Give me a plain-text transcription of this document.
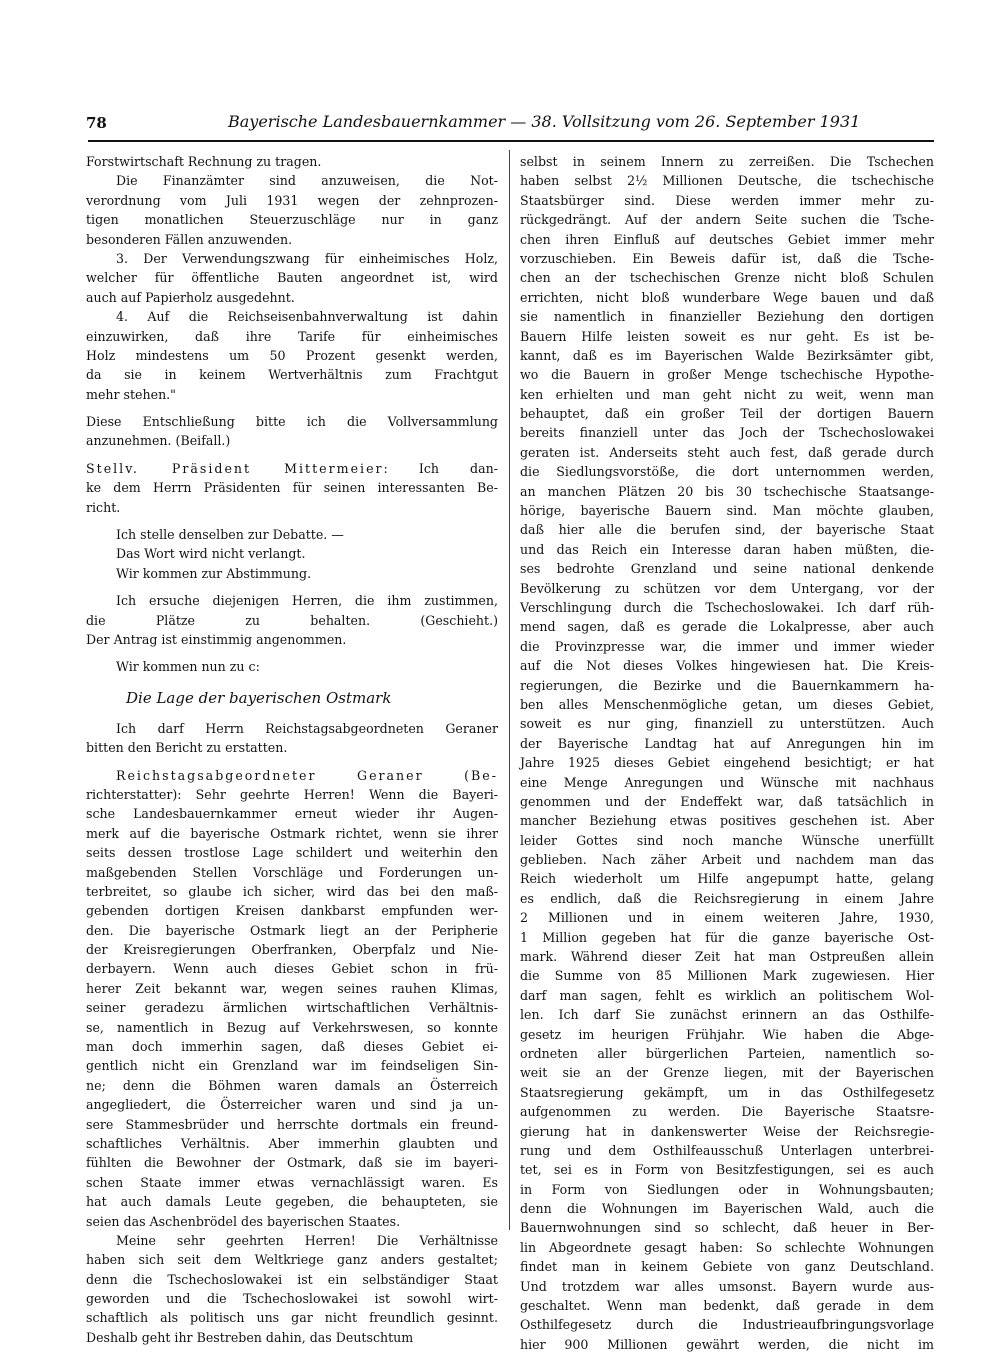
78	Bayerische Landesbauernkammer — 38. Vollsitzung vom 26. September 1931
Forstwirtschaft Rechnung zu tragen.
Die Finanzämter sind anzuweisen, die Not-
verordnung vom Juli 1931 wegen der zehnprozen-
tigen monatlichen Steuerzuschläge nur in ganz
besonderen Fällen anzuwenden.
3. Der Verwendungszwang für einheimisches Holz,
welcher für öffentliche Bauten angeordnet ist, wird
auch auf Papierholz ausgedehnt.
4. Auf die Reichseisenbahnverwaltung ist dahin
einzuwirken, daß ihre Tarife für einheimisches
Holz mindestens um 50 Prozent gesenkt werden,
da sie in keinem Wertverhältnis zum Frachtgut
mehr stehen."
Diese Entschließung bitte ich die Vollversammlung
anzunehmen. (Beifall.)
Stellv. Präsident Mittermeier: Ich dan-
ke dem Herrn Präsidenten für seinen interessanten Be-
richt.
Ich stelle denselben zur Debatte. —
Das Wort wird nicht verlangt.
Wir kommen zur Abstimmung.
Ich ersuche diejenigen Herren, die ihm zustimmen,
die Plätze zu behalten. (Geschieht.)
Der Antrag ist einstimmig angenommen.
Wir kommen nun zu c:
Die Lage der bayerischen Ostmark
Ich darf Herrn Reichstagsabgeordneten Geraner
bitten den Bericht zu erstatten.
Reichstagsabgeordneter Geraner (Be-
richterstatter): Sehr geehrte Herren! Wenn die Bayeri-
sche Landesbauernkammer erneut wieder ihr Augen-
merk auf die bayerische Ostmark richtet, wenn sie ihrer
seits dessen trostlose Lage schildert und weiterhin den
maßgebenden Stellen Vorschläge und Forderungen un-
terbreitet, so glaube ich sicher, wird das bei den maß-
gebenden dortigen Kreisen dankbarst empfunden wer-
den. Die bayerische Ostmark liegt an der Peripherie
der Kreisregierungen Oberfranken, Oberpfalz und Nie-
derbayern. Wenn auch dieses Gebiet schon in frü-
herer Zeit bekannt war, wegen seines rauhen Klimas,
seiner geradezu ärmlichen wirtschaftlichen Verhältnis-
se, namentlich in Bezug auf Verkehrswesen, so konnte
man doch immerhin sagen, daß dieses Gebiet ei-
gentlich nicht ein Grenzland war im feindseligen Sin-
ne; denn die Böhmen waren damals an Österreich
angegliedert, die Österreicher waren und sind ja un-
sere Stammesbrüder und herrschte dortmals ein freund-
schaftliches Verhältnis. Aber immerhin glaubten und
fühlten die Bewohner der Ostmark, daß sie im bayeri-
schen Staate immer etwas vernachlässigt waren. Es
hat auch damals Leute gegeben, die behaupteten, sie
seien das Aschenbrödel des bayerischen Staates.
Meine sehr geehrten Herren! Die Verhältnisse
haben sich seit dem Weltkriege ganz anders gestaltet;
denn die Tschechoslowakei ist ein selbständiger Staat
geworden und die Tschechoslowakei ist sowohl wirt-
schaftlich als politisch uns gar nicht freundlich gesinnt.
Deshalb geht ihr Bestreben dahin, das Deutschtum
selbst in seinem Innern zu zerreißen. Die Tschechen
haben selbst 2½ Millionen Deutsche, die tschechische
Staatsbürger sind. Diese werden immer mehr zu-
rückgedrängt. Auf der andern Seite suchen die Tsche-
chen ihren Einfluß auf deutsches Gebiet immer mehr
vorzuschieben. Ein Beweis dafür ist, daß die Tsche-
chen an der tschechischen Grenze nicht bloß Schulen
errichten, nicht bloß wunderbare Wege bauen und daß
sie namentlich in finanzieller Beziehung den dortigen
Bauern Hilfe leisten soweit es nur geht. Es ist be-
kannt, daß es im Bayerischen Walde Bezirksämter gibt,
wo die Bauern in großer Menge tschechische Hypothe-
ken erhielten und man geht nicht zu weit, wenn man
behauptet, daß ein großer Teil der dortigen Bauern
bereits finanziell unter das Joch der Tschechoslowakei
geraten ist. Anderseits steht auch fest, daß gerade durch
die Siedlungsvorstöße, die dort unternommen werden,
an manchen Plätzen 20 bis 30 tschechische Staatsange-
hörige, bayerische Bauern sind. Man möchte glauben,
daß hier alle die berufen sind, der bayerische Staat
und das Reich ein Interesse daran haben müßten, die-
ses bedrohte Grenzland und seine national denkende
Bevölkerung zu schützen vor dem Untergang, vor der
Verschlingung durch die Tschechoslowakei. Ich darf rüh-
mend sagen, daß es gerade die Lokalpresse, aber auch
die Provinzpresse war, die immer und immer wieder
auf die Not dieses Volkes hingewiesen hat. Die Kreis-
regierungen, die Bezirke und die Bauernkammern ha-
ben alles Menschenmögliche getan, um dieses Gebiet,
soweit es nur ging, finanziell zu unterstützen. Auch
der Bayerische Landtag hat auf Anregungen hin im
Jahre 1925 dieses Gebiet eingehend besichtigt; er hat
eine Menge Anregungen und Wünsche mit nachhaus
genommen und der Endeffekt war, daß tatsächlich in
mancher Beziehung etwas positives geschehen ist. Aber
leider Gottes sind noch manche Wünsche unerfüllt
geblieben. Nach zäher Arbeit und nachdem man das
Reich wiederholt um Hilfe angepumpt hatte, gelang
es endlich, daß die Reichsregierung in einem Jahre
2 Millionen und in einem weiteren Jahre, 1930,
1 Million gegeben hat für die ganze bayerische Ost-
mark. Während dieser Zeit hat man Ostpreußen allein
die Summe von 85 Millionen Mark zugewiesen. Hier
darf man sagen, fehlt es wirklich an politischem Wol-
len. Ich darf Sie zunächst erinnern an das Osthilfe-
gesetz im heurigen Frühjahr. Wie haben die Abge-
ordneten aller bürgerlichen Parteien, namentlich so-
weit sie an der Grenze liegen, mit der Bayerischen
Staatsregierung gekämpft, um in das Osthilfegesetz
aufgenommen zu werden. Die Bayerische Staatsre-
gierung hat in dankenswerter Weise der Reichsregie-
rung und dem Osthilfeausschuß Unterlagen unterbrei-
tet, sei es in Form von Besitzfestigungen, sei es auch
in Form von Siedlungen oder in Wohnungsbauten;
denn die Wohnungen im Bayerischen Wald, auch die
Bauernwohnungen sind so schlecht, daß heuer in Ber-
lin Abgeordnete gesagt haben: So schlechte Wohnungen
findet man in keinem Gebiete von ganz Deutschland.
Und trotzdem war alles umsonst. Bayern wurde aus-
geschaltet. Wenn man bedenkt, daß gerade in dem
Osthilfegesetz durch die Industrieaufbringungsvorlage
hier 900 Millionen gewährt werden, die nicht im
